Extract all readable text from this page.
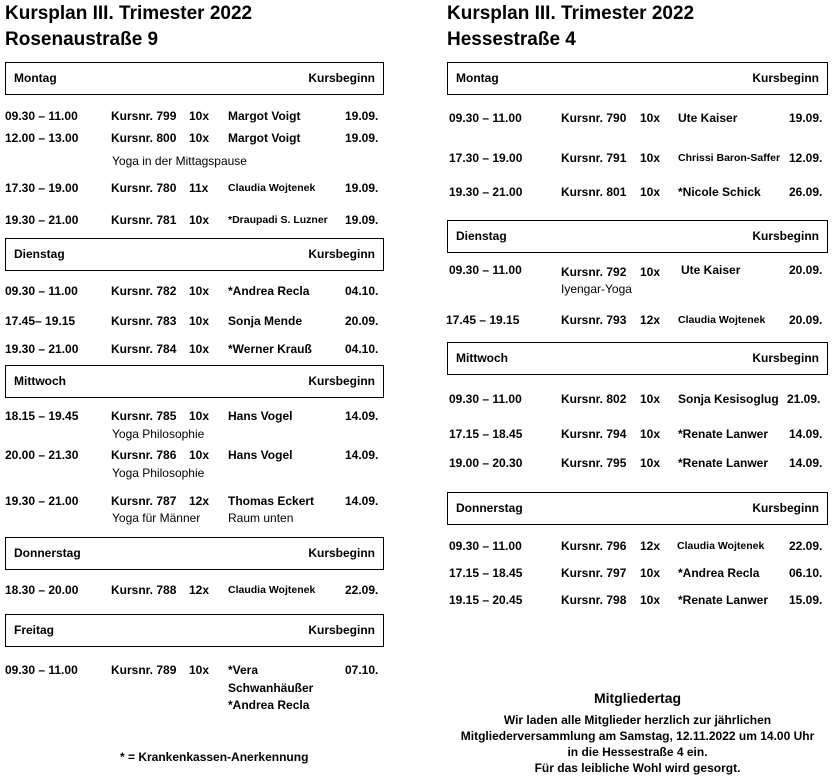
Kursplan III. Trimester 2022
Rosenaustraße 9
Montag	Kursbeginn
09.30 – 11.00	Kursnr. 799 10x Margot Voigt	19.09.
12.00 – 13.00	Kursnr. 800 10x Margot Voigt	19.09.
Yoga in der Mittagspause
17.30 – 19.00	Kursnr. 780 11x Claudia Wojtenek 19.09.
19.30 – 21.00	Kursnr. 781 10x *Draupadi S. Luzner 19.09.
Dienstag	Kursbeginn
09.30 – 11.00	Kursnr. 782 10x *Andrea Recla	04.10.
17.45– 19.15	Kursnr. 783 10x Sonja Mende	20.09.
19.30 – 21.00	Kursnr. 784 10x *Werner Krauß	04.10.
Mittwoch	Kursbeginn
18.15 – 19.45	Kursnr. 785 10x Hans Vogel	14.09.
Yoga Philosophie
20.00 – 21.30	Kursnr. 786 10x Hans Vogel	14.09.
Yoga Philosophie
19.30 – 21.00	Kursnr. 787 12x Thomas Eckert	14.09.
Yoga für Männer Raum unten
Donnerstag	Kursbeginn
18.30 – 20.00	Kursnr. 788 12x Claudia Wojtenek 22.09.
Freitag	Kursbeginn
09.30 – 11.00	Kursnr. 789 10x *Vera	07.10.
Schwanhäußer
*Andrea Recla
* = Krankenkassen-Anerkennung
Kursplan III. Trimester 2022
Hessestraße 4
Montag	Kursbeginn
09.30 – 11.00	Kursnr. 790 10x Ute Kaiser	19.09.
17.30 – 19.00	Kursnr. 791 10x Chrissi Baron-Saffer 12.09.
19.30 – 21.00	Kursnr. 801 10x *Nicole Schick 26.09.
Dienstag	Kursbeginn
09.30 – 11.00	Kursnr. 792 10x Ute Kaiser	20.09.
Iyengar-Yoga
17.45 – 19.15	Kursnr. 793 12x Claudia Wojtenek 20.09.
Mittwoch	Kursbeginn
09.30 – 11.00	Kursnr. 802 10x Sonja Kesisoglug 21.09.
17.15 – 18.45	Kursnr. 794 10x *Renate Lanwer 14.09.
19.00 – 20.30	Kursnr. 795 10x *Renate Lanwer 14.09.
Donnerstag	Kursbeginn
09.30 – 11.00	Kursnr. 796 12x Claudia Wojtenek 22.09.
17.15 – 18.45	Kursnr. 797 10x *Andrea Recla 06.10.
19.15 – 20.45	Kursnr. 798 10x *Renate Lanwer 15.09.
Mitgliedertag
Wir laden alle Mitglieder herzlich zur jährlichen
Mitgliederversammlung am Samstag, 12.11.2022 um 14.00 Uhr
in die Hessestraße 4 ein.
Für das leibliche Wohl wird gesorgt.
